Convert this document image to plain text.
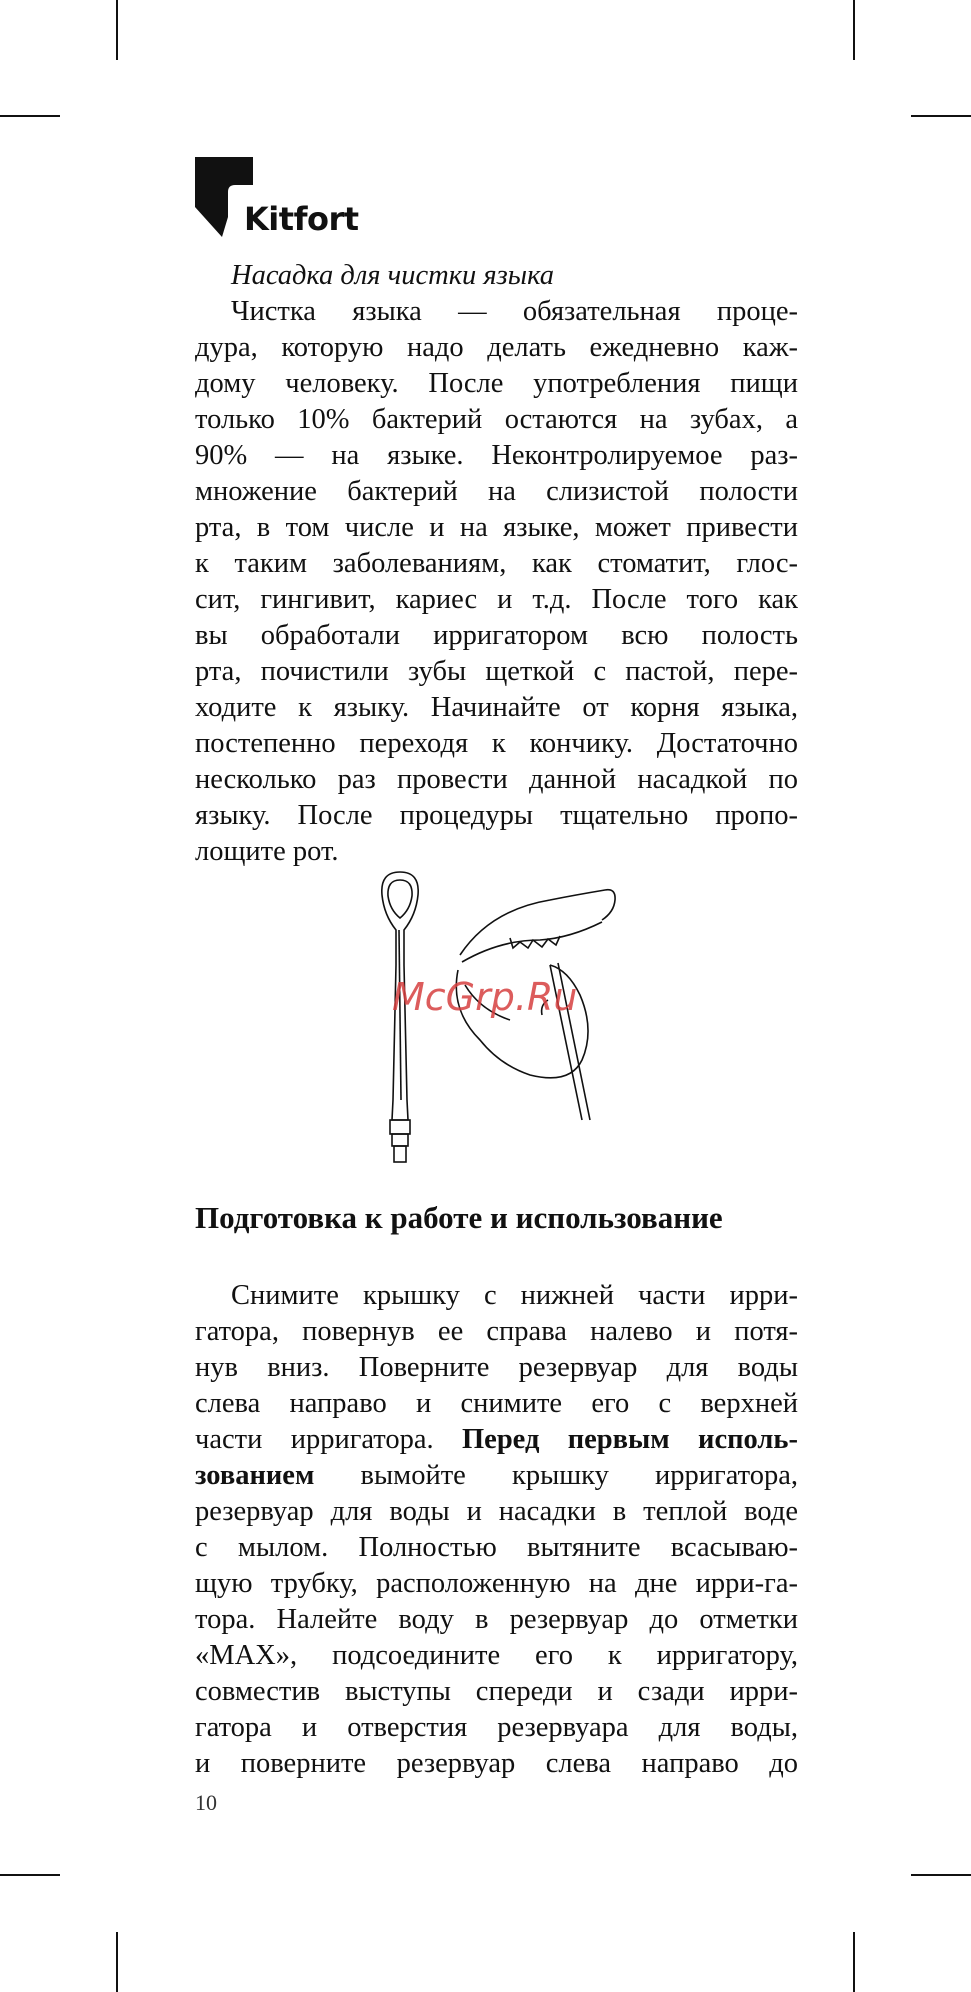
Kitfort
Насадка для чистки языка
Чистка языка — обязательная проце-
дура, которую надо делать ежедневно каж-
дому человеку. После употребления пищи
только 10% бактерий остаются на зубах, а
90% — на языке. Неконтролируемое раз-
множение бактерий на слизистой полости
рта, в том числе и на языке, может привести
к таким заболеваниям, как стоматит, глос-
сит, гингивит, кариес и т.д. После того как
вы обработали ирригатором всю полость
рта, почистили зубы щеткой с пастой, пере-
ходите к языку. Начинайте от корня языка,
постепенно переходя к кончику. Достаточно
несколько раз провести данной насадкой по
языку. После процедуры тщательно пропо-
лощите рот.
McGrp.Ru
Подготовка к работе и использование
Снимите крышку с нижней части ирри-
гатора, повернув ее справа налево и потя-
нув вниз. Поверните резервуар для воды
слева направо и снимите его с верхней
части ирригатора. Перед первым исполь-
зованием вымойте крышку ирригатора,
резервуар для воды и насадки в теплой воде
с мылом. Полностью вытяните всасываю-
щую трубку, расположенную на дне ирри-га-
тора. Налейте воду в резервуар до отметки
«MAX», подсоедините его к ирригатору,
совместив выступы спереди и сзади ирри-
гатора и отверстия резервуара для воды,
и поверните резервуар слева направо до
10
